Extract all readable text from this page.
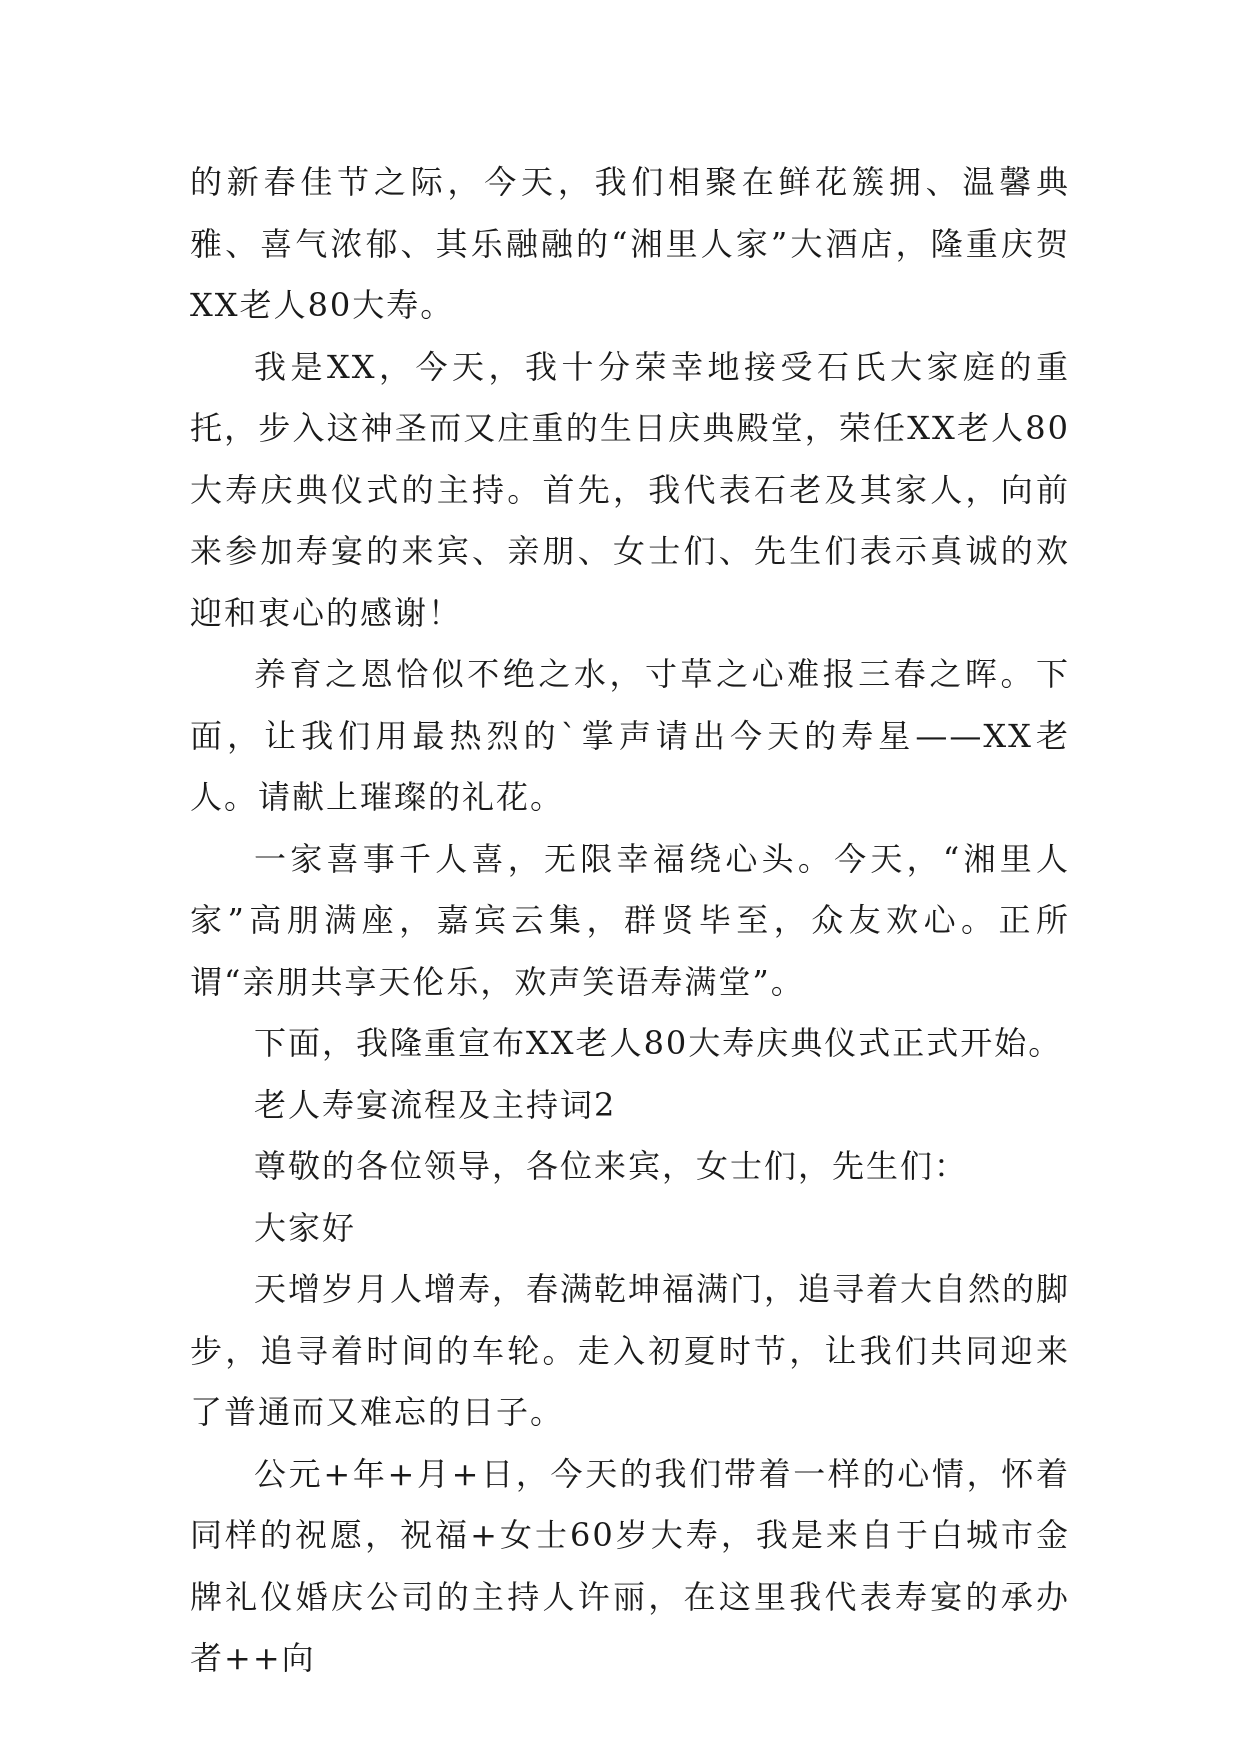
的新春佳节之际，今天，我们相聚在鲜花簇拥、温馨典雅、喜气浓郁、其乐融融的“湘里人家”大酒店，隆重庆贺XX老人80大寿。

我是XX，今天，我十分荣幸地接受石氏大家庭的重托，步入这神圣而又庄重的生日庆典殿堂，荣任XX老人80大寿庆典仪式的主持。首先，我代表石老及其家人，向前来参加寿宴的来宾、亲朋、女士们、先生们表示真诚的欢迎和衷心的感谢！

养育之恩恰似不绝之水，寸草之心难报三春之晖。下面，让我们用最热烈的`掌声请出今天的寿星——XX老人。请献上璀璨的礼花。

一家喜事千人喜，无限幸福绕心头。今天，“湘里人家”高朋满座，嘉宾云集，群贤毕至，众友欢心。正所谓“亲朋共享天伦乐，欢声笑语寿满堂”。

下面，我隆重宣布XX老人80大寿庆典仪式正式开始。

老人寿宴流程及主持词2

尊敬的各位领导，各位来宾，女士们，先生们：

大家好

天增岁月人增寿，春满乾坤福满门，追寻着大自然的脚步，追寻着时间的车轮。走入初夏时节，让我们共同迎来了普通而又难忘的日子。

公元+年+月+日，今天的我们带着一样的心情，怀着同样的祝愿，祝福+女士60岁大寿，我是来自于白城市金牌礼仪婚庆公司的主持人许丽，在这里我代表寿宴的承办者++向
